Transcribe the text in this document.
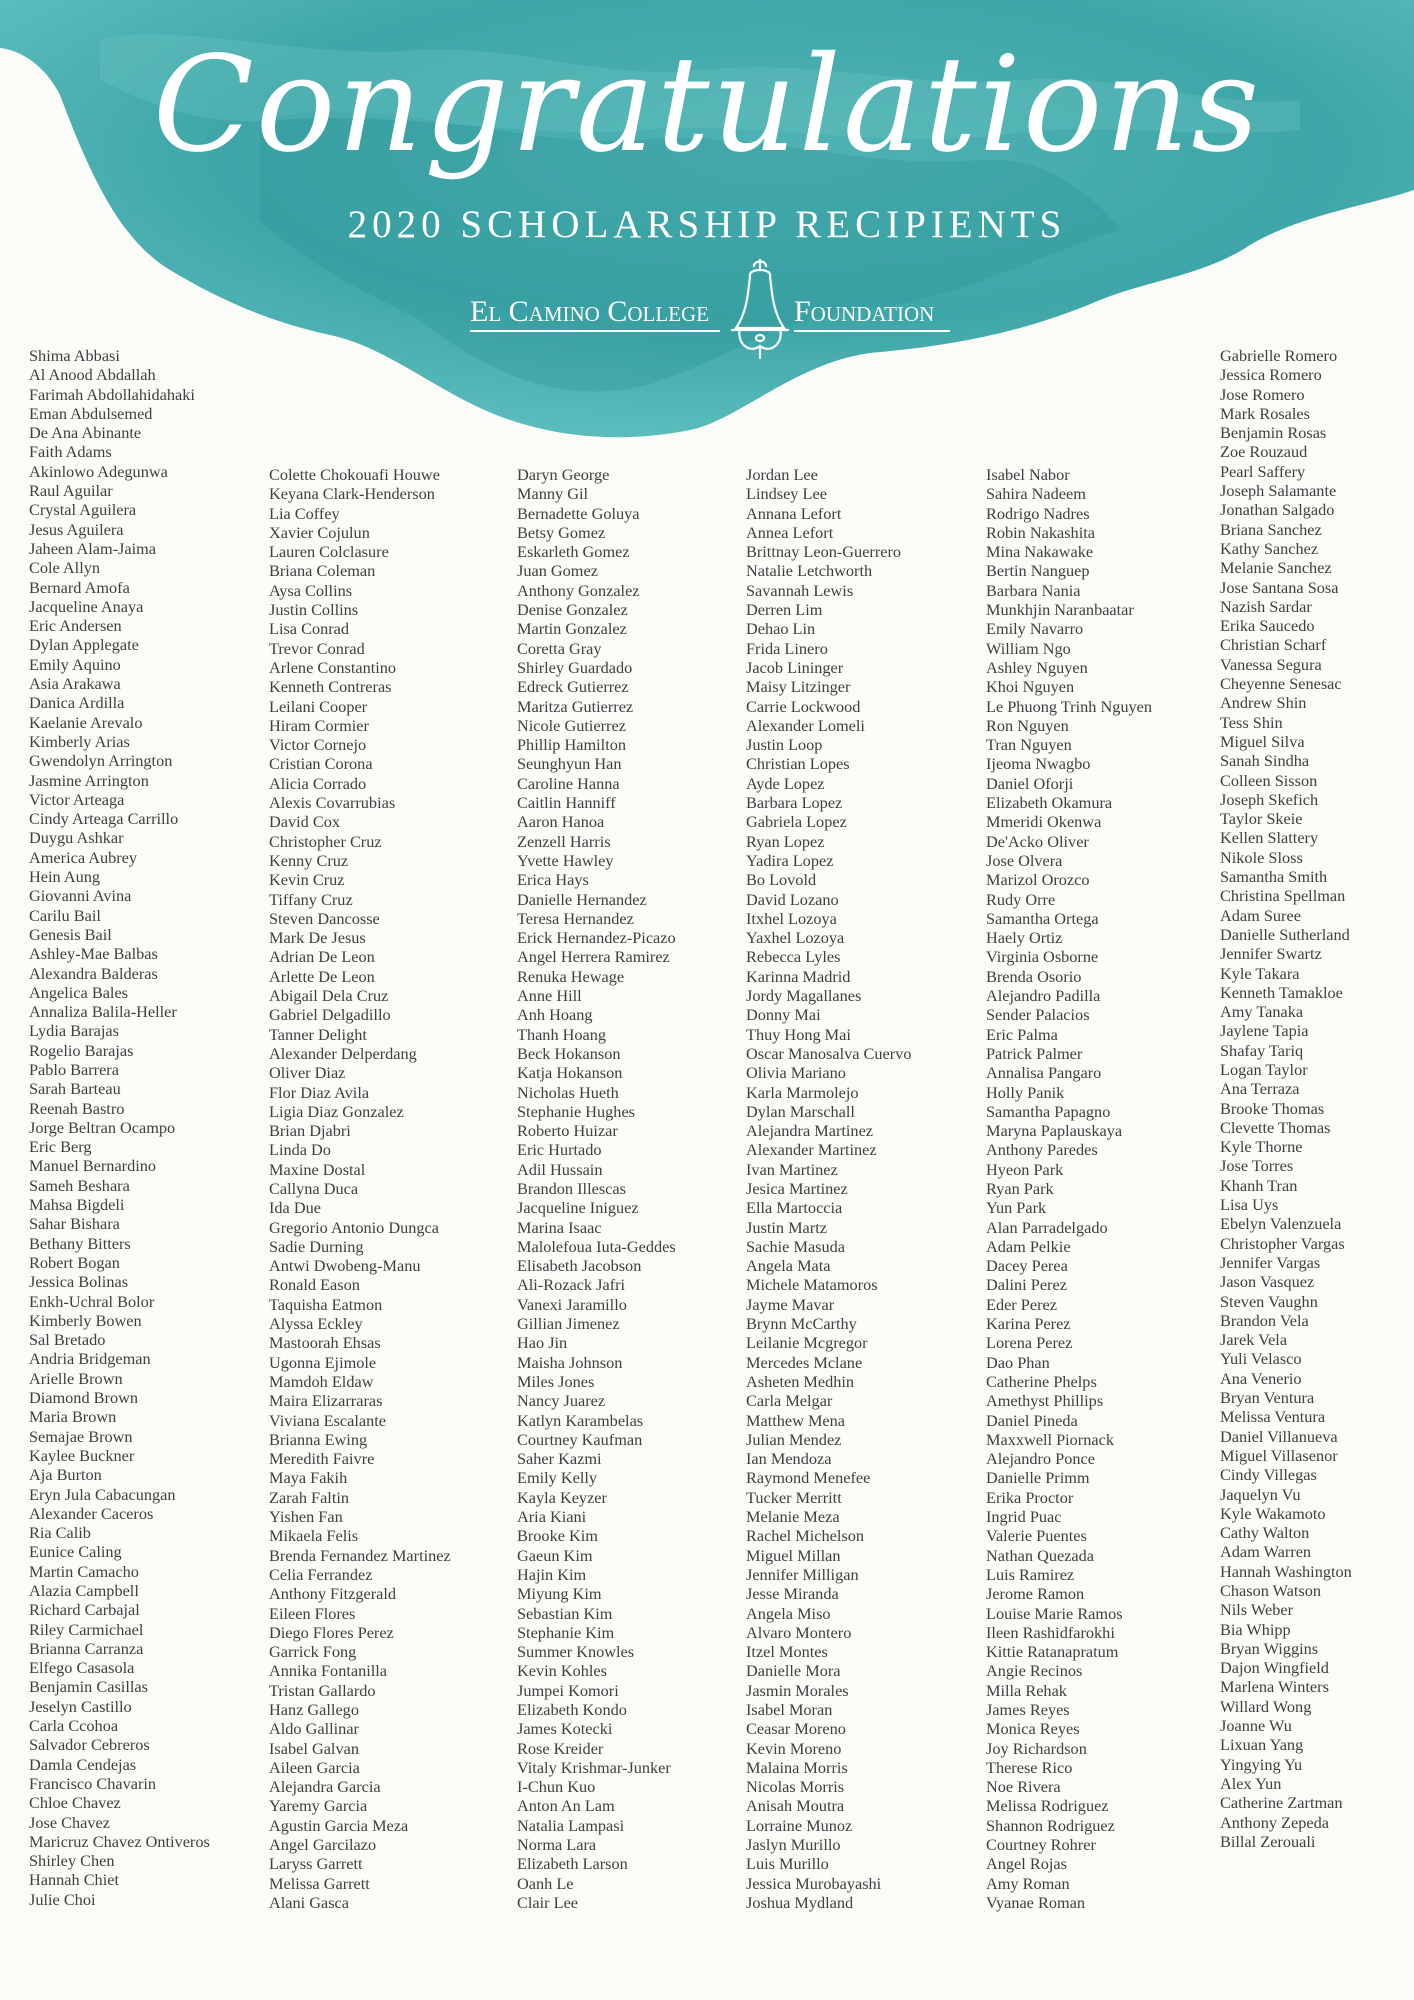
Congratulations
2020 SCHOLARSHIP RECIPIENTS
El Camino College	Foundation
Shima Abbasi
Al Anood Abdallah
Farimah Abdollahidahaki
Eman Abdulsemed
De Ana Abinante
Faith Adams
Akinlowo Adegunwa
Raul Aguilar
Crystal Aguilera
Jesus Aguilera
Jaheen Alam-Jaima
Cole Allyn
Bernard Amofa
Jacqueline Anaya
Eric Andersen
Dylan Applegate
Emily Aquino
Asia Arakawa
Danica Ardilla
Kaelanie Arevalo
Kimberly Arias
Gwendolyn Arrington
Jasmine Arrington
Victor Arteaga
Cindy Arteaga Carrillo
Duygu Ashkar
America Aubrey
Hein Aung
Giovanni Avina
Carilu Bail
Genesis Bail
Ashley-Mae Balbas
Alexandra Balderas
Angelica Bales
Annaliza Balila-Heller
Lydia Barajas
Rogelio Barajas
Pablo Barrera
Sarah Barteau
Reenah Bastro
Jorge Beltran Ocampo
Eric Berg
Manuel Bernardino
Sameh Beshara
Mahsa Bigdeli
Sahar Bishara
Bethany Bitters
Robert Bogan
Jessica Bolinas
Enkh-Uchral Bolor
Kimberly Bowen
Sal Bretado
Andria Bridgeman
Arielle Brown
Diamond Brown
Maria Brown
Semajae Brown
Kaylee Buckner
Aja Burton
Eryn Jula Cabacungan
Alexander Caceros
Ria Calib
Eunice Caling
Martin Camacho
Alazia Campbell
Richard Carbajal
Riley Carmichael
Brianna Carranza
Elfego Casasola
Benjamin Casillas
Jeselyn Castillo
Carla Ccohoa
Salvador Cebreros
Damla Cendejas
Francisco Chavarin
Chloe Chavez
Jose Chavez
Maricruz Chavez Ontiveros
Shirley Chen
Hannah Chiet
Julie Choi
Colette Chokouafi Houwe
Keyana Clark-Henderson
Lia Coffey
Xavier Cojulun
Lauren Colclasure
Briana Coleman
Aysa Collins
Justin Collins
Lisa Conrad
Trevor Conrad
Arlene Constantino
Kenneth Contreras
Leilani Cooper
Hiram Cormier
Victor Cornejo
Cristian Corona
Alicia Corrado
Alexis Covarrubias
David Cox
Christopher Cruz
Kenny Cruz
Kevin Cruz
Tiffany Cruz
Steven Dancosse
Mark De Jesus
Adrian De Leon
Arlette De Leon
Abigail Dela Cruz
Gabriel Delgadillo
Tanner Delight
Alexander Delperdang
Oliver Diaz
Flor Diaz Avila
Ligia Diaz Gonzalez
Brian Djabri
Linda Do
Maxine Dostal
Callyna Duca
Ida Due
Gregorio Antonio Dungca
Sadie Durning
Antwi Dwobeng-Manu
Ronald Eason
Taquisha Eatmon
Alyssa Eckley
Mastoorah Ehsas
Ugonna Ejimole
Mamdoh Eldaw
Maira Elizarraras
Viviana Escalante
Brianna Ewing
Meredith Faivre
Maya Fakih
Zarah Faltin
Yishen Fan
Mikaela Felis
Brenda Fernandez Martinez
Celia Ferrandez
Anthony Fitzgerald
Eileen Flores
Diego Flores Perez
Garrick Fong
Annika Fontanilla
Tristan Gallardo
Hanz Gallego
Aldo Gallinar
Isabel Galvan
Aileen Garcia
Alejandra Garcia
Yaremy Garcia
Agustin Garcia Meza
Angel Garcilazo
Laryss Garrett
Melissa Garrett
Alani Gasca
Daryn George
Manny Gil
Bernadette Goluya
Betsy Gomez
Eskarleth Gomez
Juan Gomez
Anthony Gonzalez
Denise Gonzalez
Martin Gonzalez
Coretta Gray
Shirley Guardado
Edreck Gutierrez
Maritza Gutierrez
Nicole Gutierrez
Phillip Hamilton
Seunghyun Han
Caroline Hanna
Caitlin Hanniff
Aaron Hanoa
Zenzell Harris
Yvette Hawley
Erica Hays
Danielle Hernandez
Teresa Hernandez
Erick Hernandez-Picazo
Angel Herrera Ramirez
Renuka Hewage
Anne Hill
Anh Hoang
Thanh Hoang
Beck Hokanson
Katja Hokanson
Nicholas Hueth
Stephanie Hughes
Roberto Huizar
Eric Hurtado
Adil Hussain
Brandon Illescas
Jacqueline Iniguez
Marina Isaac
Malolefoua Iuta-Geddes
Elisabeth Jacobson
Ali-Rozack Jafri
Vanexi Jaramillo
Gillian Jimenez
Hao Jin
Maisha Johnson
Miles Jones
Nancy Juarez
Katlyn Karambelas
Courtney Kaufman
Saher Kazmi
Emily Kelly
Kayla Keyzer
Aria Kiani
Brooke Kim
Gaeun Kim
Hajin Kim
Miyung Kim
Sebastian Kim
Stephanie Kim
Summer Knowles
Kevin Kohles
Jumpei Komori
Elizabeth Kondo
James Kotecki
Rose Kreider
Vitaly Krishmar-Junker
I-Chun Kuo
Anton An Lam
Natalia Lampasi
Norma Lara
Elizabeth Larson
Oanh Le
Clair Lee
Jordan Lee
Lindsey Lee
Annana Lefort
Annea Lefort
Brittnay Leon-Guerrero
Natalie Letchworth
Savannah Lewis
Derren Lim
Dehao Lin
Frida Linero
Jacob Lininger
Maisy Litzinger
Carrie Lockwood
Alexander Lomeli
Justin Loop
Christian Lopes
Ayde Lopez
Barbara Lopez
Gabriela Lopez
Ryan Lopez
Yadira Lopez
Bo Lovold
David Lozano
Itxhel Lozoya
Yaxhel Lozoya
Rebecca Lyles
Karinna Madrid
Jordy Magallanes
Donny Mai
Thuy Hong Mai
Oscar Manosalva Cuervo
Olivia Mariano
Karla Marmolejo
Dylan Marschall
Alejandra Martinez
Alexander Martinez
Ivan Martinez
Jesica Martinez
Ella Martoccia
Justin Martz
Sachie Masuda
Angela Mata
Michele Matamoros
Jayme Mavar
Brynn McCarthy
Leilanie Mcgregor
Mercedes Mclane
Asheten Medhin
Carla Melgar
Matthew Mena
Julian Mendez
Ian Mendoza
Raymond Menefee
Tucker Merritt
Melanie Meza
Rachel Michelson
Miguel Millan
Jennifer Milligan
Jesse Miranda
Angela Miso
Alvaro Montero
Itzel Montes
Danielle Mora
Jasmin Morales
Isabel Moran
Ceasar Moreno
Kevin Moreno
Malaina Morris
Nicolas Morris
Anisah Moutra
Lorraine Munoz
Jaslyn Murillo
Luis Murillo
Jessica Murobayashi
Joshua Mydland
Isabel Nabor
Sahira Nadeem
Rodrigo Nadres
Robin Nakashita
Mina Nakawake
Bertin Nanguep
Barbara Nania
Munkhjin Naranbaatar
Emily Navarro
William Ngo
Ashley Nguyen
Khoi Nguyen
Le Phuong Trinh Nguyen
Ron Nguyen
Tran Nguyen
Ijeoma Nwagbo
Daniel Oforji
Elizabeth Okamura
Mmeridi Okenwa
De'Acko Oliver
Jose Olvera
Marizol Orozco
Rudy Orre
Samantha Ortega
Haely Ortiz
Virginia Osborne
Brenda Osorio
Alejandro Padilla
Sender Palacios
Eric Palma
Patrick Palmer
Annalisa Pangaro
Holly Panik
Samantha Papagno
Maryna Paplauskaya
Anthony Paredes
Hyeon Park
Ryan Park
Yun Park
Alan Parradelgado
Adam Pelkie
Dacey Perea
Dalini Perez
Eder Perez
Karina Perez
Lorena Perez
Dao Phan
Catherine Phelps
Amethyst Phillips
Daniel Pineda
Maxxwell Piornack
Alejandro Ponce
Danielle Primm
Erika Proctor
Ingrid Puac
Valerie Puentes
Nathan Quezada
Luis Ramirez
Jerome Ramon
Louise Marie Ramos
Ileen Rashidfarokhi
Kittie Ratanapratum
Angie Recinos
Milla Rehak
James Reyes
Monica Reyes
Joy Richardson
Therese Rico
Noe Rivera
Melissa Rodriguez
Shannon Rodriguez
Courtney Rohrer
Angel Rojas
Amy Roman
Vyanae Roman
Gabrielle Romero
Jessica Romero
Jose Romero
Mark Rosales
Benjamin Rosas
Zoe Rouzaud
Pearl Saffery
Joseph Salamante
Jonathan Salgado
Briana Sanchez
Kathy Sanchez
Melanie Sanchez
Jose Santana Sosa
Nazish Sardar
Erika Saucedo
Christian Scharf
Vanessa Segura
Cheyenne Senesac
Andrew Shin
Tess Shin
Miguel Silva
Sanah Sindha
Colleen Sisson
Joseph Skefich
Taylor Skeie
Kellen Slattery
Nikole Sloss
Samantha Smith
Christina Spellman
Adam Suree
Danielle Sutherland
Jennifer Swartz
Kyle Takara
Kenneth Tamakloe
Amy Tanaka
Jaylene Tapia
Shafay Tariq
Logan Taylor
Ana Terraza
Brooke Thomas
Clevette Thomas
Kyle Thorne
Jose Torres
Khanh Tran
Lisa Uys
Ebelyn Valenzuela
Christopher Vargas
Jennifer Vargas
Jason Vasquez
Steven Vaughn
Brandon Vela
Jarek Vela
Yuli Velasco
Ana Venerio
Bryan Ventura
Melissa Ventura
Daniel Villanueva
Miguel Villasenor
Cindy Villegas
Jaquelyn Vu
Kyle Wakamoto
Cathy Walton
Adam Warren
Hannah Washington
Chason Watson
Nils Weber
Bia Whipp
Bryan Wiggins
Dajon Wingfield
Marlena Winters
Willard Wong
Joanne Wu
Lixuan Yang
Yingying Yu
Alex Yun
Catherine Zartman
Anthony Zepeda
Billal Zerouali
